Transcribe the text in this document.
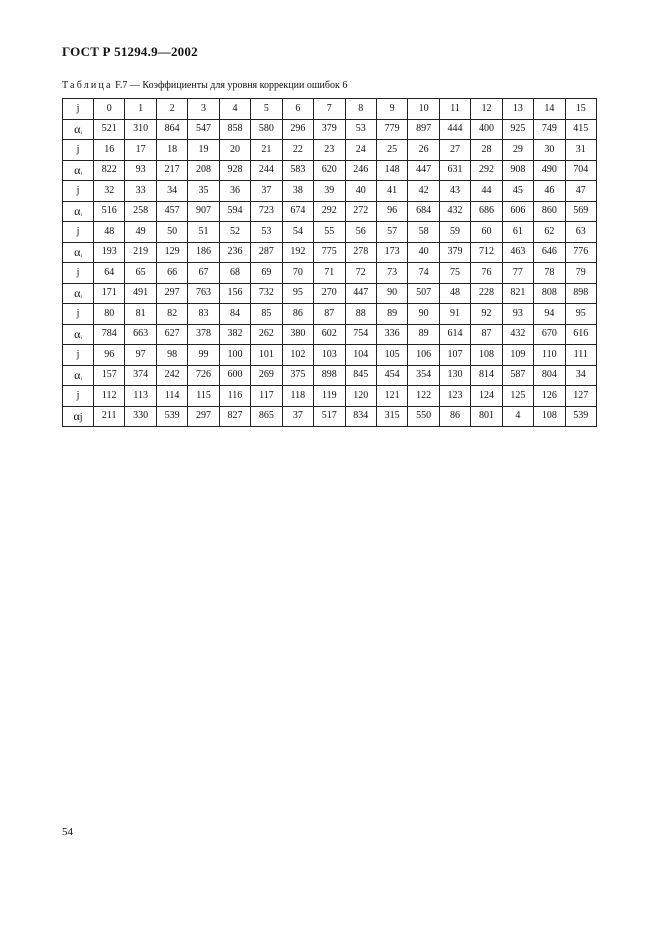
ГОСТ Р 51294.9—2002
Таблица F.7 — Коэффициенты для уровня коррекции ошибок 6
j	0	1	2	3	4	5	6	7	8	9	10	11	12	13	14	15
$\alpha_i$	521	310	864	547	858	580	296	379	53	779	897	444	400	925	749	415
j	16	17	18	19	20	21	22	23	24	25	26	27	28	29	30	31
$\alpha_i$	822	93	217	208	928	244	583	620	246	148	447	631	292	908	490	704
j	32	33	34	35	36	37	38	39	40	41	42	43	44	45	46	47
$\alpha_i$	516	258	457	907	594	723	674	292	272	96	684	432	686	606	860	569
j	48	49	50	51	52	53	54	55	56	57	58	59	60	61	62	63
$\alpha_i$	193	219	129	186	236	287	192	775	278	173	40	379	712	463	646	776
j	64	65	66	67	68	69	70	71	72	73	74	75	76	77	78	79
$\alpha_i$	171	491	297	763	156	732	95	270	447	90	507	48	228	821	808	898
j	80	81	82	83	84	85	86	87	88	89	90	91	92	93	94	95
$\alpha_i$	784	663	627	378	382	262	380	602	754	336	89	614	87	432	670	616
j	96	97	98	99	100	101	102	103	104	105	106	107	108	109	110	111
$\alpha_i$	157	374	242	726	600	269	375	898	845	454	354	130	814	587	804	34
j	112	113	114	115	116	117	118	119	120	121	122	123	124	125	126	127
αj	211	330	539	297	827	865	37	517	834	315	550	86	801	4	108	539
54
